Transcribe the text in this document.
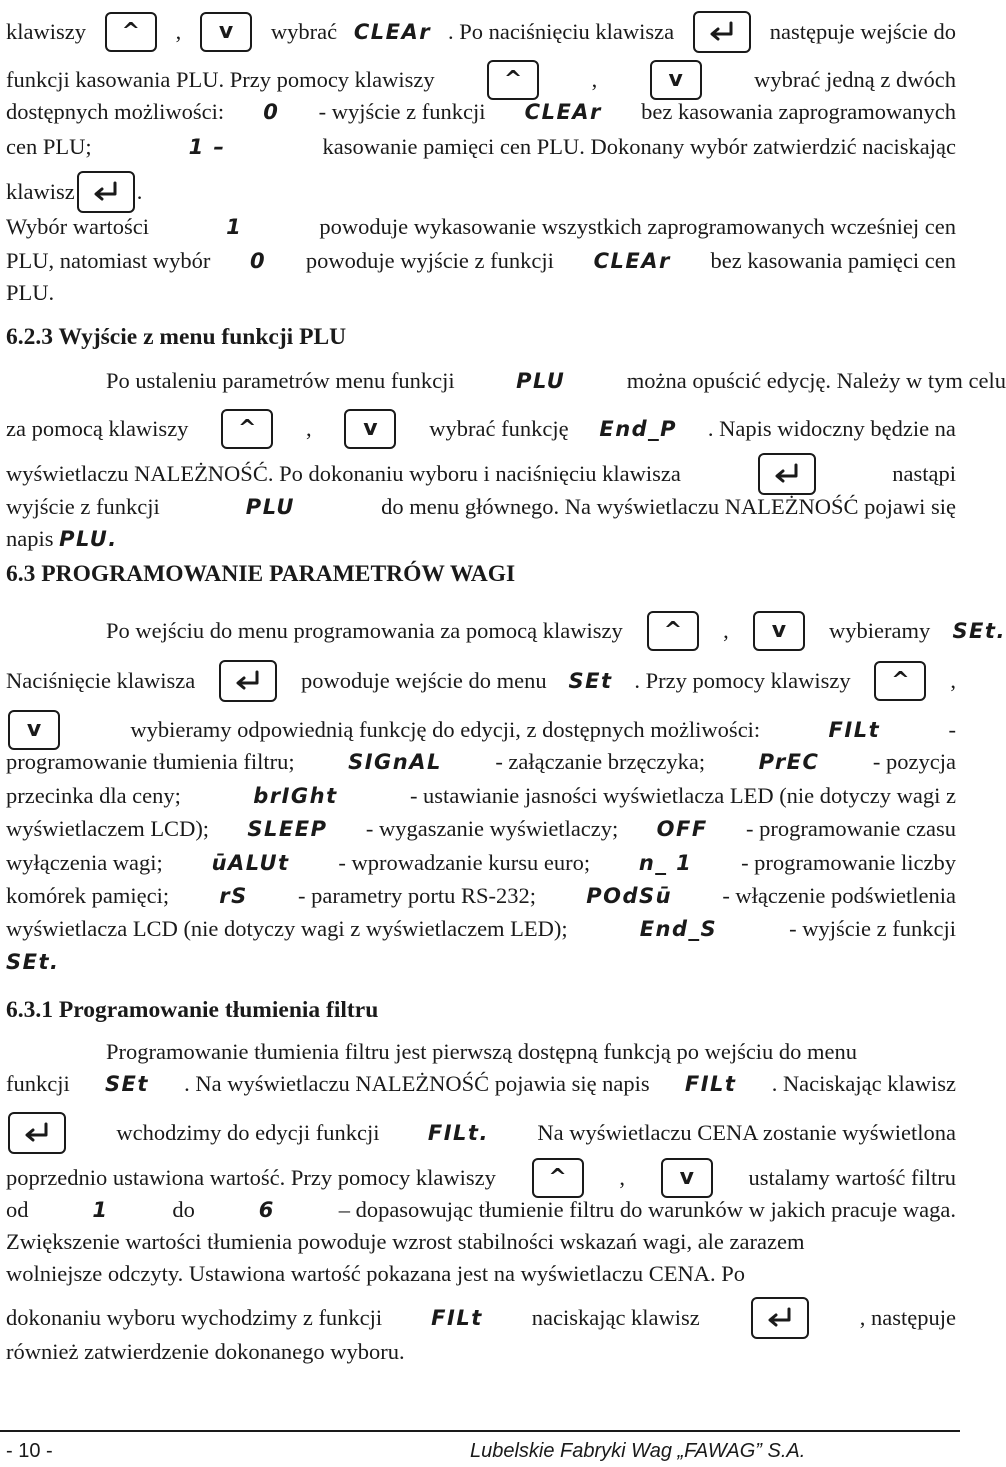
klawiszy	^	,	v	wybrać CLEAr . Po naciśnięciu klawisza	następuje wejście do
funkcji kasowania PLU. Przy pomocy klawiszy	^	,	v	wybrać jedną z dwóch
dostępnych możliwości: 0 - wyjście z funkcji CLEAr bez kasowania zaprogramowanych
cen PLU;	1 –	kasowanie pamięci cen PLU. Dokonany wybór zatwierdzić naciskając
klawisz	.
Wybór wartości	1	powoduje wykasowanie wszystkich zaprogramowanych wcześniej cen
PLU, natomiast wybór 0 powoduje wyjście z funkcji CLEAr bez kasowania pamięci cen
PLU.
6.2.3 Wyjście z menu funkcji PLU
Po ustaleniu parametrów menu funkcji	PLU	można opuścić edycję. Należy w tym celu
za pomocą klawiszy	^	,	v	wybrać funkcję End_P . Napis widoczny będzie na
wyświetlaczu NALEŻNOŚĆ. Po dokonaniu wyboru i naciśnięciu klawisza	nastąpi
wyjście z funkcji	PLU	do menu głównego. Na wyświetlaczu NALEŻNOŚĆ pojawi się
napis
PLU.
6.3 PROGRAMOWANIE PARAMETRÓW WAGI
Po wejściu do menu programowania za pomocą klawiszy	^	,	v	wybieramy SEt.
Naciśnięcie klawisza	powoduje wejście do menu SEt . Przy pomocy klawiszy	^	,
v	wybieramy odpowiednią funkcję do edycji, z dostępnych możliwości:	FILt	-
programowanie tłumienia filtru;	SIGnAL - załączanie brzęczyka;	PrEC - pozycja
przecinka dla ceny;	brIGht	- ustawianie jasności wyświetlacza LED (nie dotyczy wagi z
wyświetlaczem LCD); SLEEP - wygaszanie wyświetlaczy; OFF - programowanie czasu
wyłączenia wagi; ūALUt - wprowadzanie kursu euro; n_ 1 - programowanie liczby
komórek pamięci; rS - parametry portu RS-232; POdSū - włączenie podświetlenia
wyświetlacza LCD (nie dotyczy wagi z wyświetlaczem LED);	End_S	- wyjście z funkcji
SEt.
6.3.1 Programowanie tłumienia filtru
Programowanie tłumienia filtru jest pierwszą dostępną funkcją po wejściu do menu
funkcji SEt . Na wyświetlaczu NALEŻNOŚĆ pojawia się napis FILt . Naciskając klawisz
wchodzimy do edycji funkcji FILt. Na wyświetlaczu CENA zostanie wyświetlona
poprzednio ustawiona wartość. Przy pomocy klawiszy	^	,	v	ustalamy wartość filtru
od	1	do	6	– dopasowując tłumienie filtru do warunków w jakich pracuje waga.
Zwiększenie wartości tłumienia powoduje wzrost stabilności wskazań wagi, ale zarazem
wolniejsze odczyty. Ustawiona wartość pokazana jest na wyświetlaczu CENA. Po
dokonaniu wyboru wychodzimy z funkcji FILt naciskając klawisz	, następuje
również zatwierdzenie dokonanego wyboru.
- 10 -	Lubelskie Fabryki Wag „FAWAG” S.A.
